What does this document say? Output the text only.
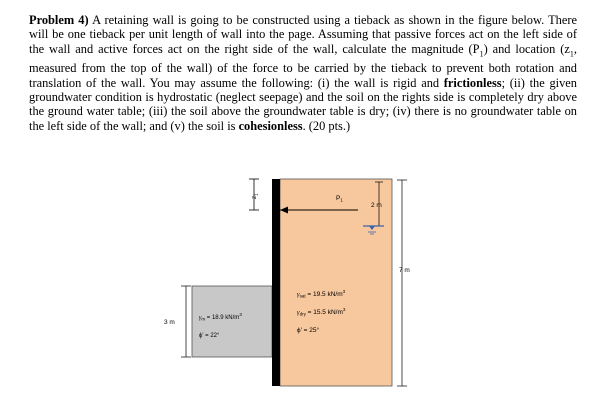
Problem 4) A retaining wall is going to be constructed using a tieback as shown in the figure below. There will be one tieback per unit length of wall into the page. Assuming that passive forces act on the left side of the wall and active forces act on the right side of the wall, calculate the magnitude $(P_1)$ and location ($z_1$, measured from the top of the wall) of the force to be carried by the tieback to prevent both rotation and translation of the wall. You may assume the following: (i) the wall is rigid and frictionless; (ii) the given groundwater condition is hydrostatic (neglect seepage) and the soil on the rights side is completely dry above the ground water table; (iii) the soil above the groundwater table is dry; (iv) there is no groundwater table on the left side of the wall; and (v) the soil is cohesionless. (20 pts.)

$z_1$
$P_1$
2 m
7 m
3 m
$\gamma_{sat} = 19.5$ $kN/m^3$
$\gamma_{dry} = 15.5$ $kN/m^3$
ϕ' = 25°
$\gamma_m = 18.9$ $kN/m^3$
ϕ' = 22°
